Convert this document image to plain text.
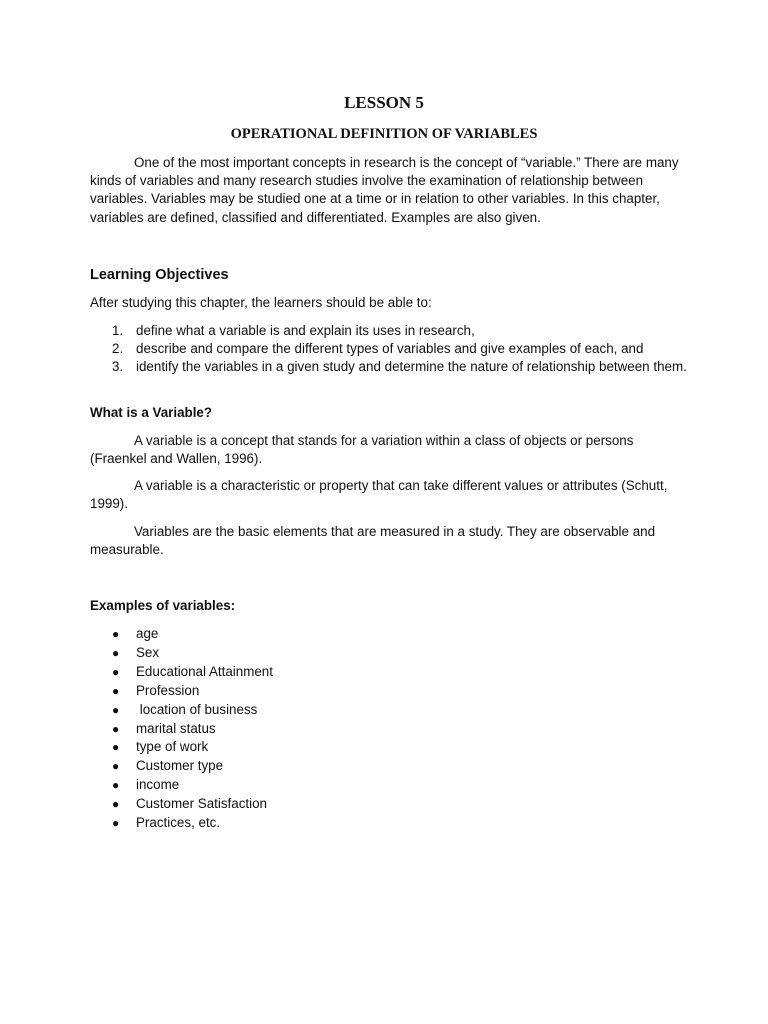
LESSON 5
OPERATIONAL DEFINITION OF VARIABLES

One of the most important concepts in research is the concept of “variable.” There are many kinds of variables and many research studies involve the examination of relationship between variables. Variables may be studied one at a time or in relation to other variables. In this chapter, variables are defined, classified and differentiated. Examples are also given.

Learning Objectives

After studying this chapter, the learners should be able to:

1. define what a variable is and explain its uses in research,
2. describe and compare the different types of variables and give examples of each, and
3. identify the variables in a given study and determine the nature of relationship between them.

What is a Variable?

A variable is a concept that stands for a variation within a class of objects or persons (Fraenkel and Wallen, 1996).

A variable is a characteristic or property that can take different values or attributes (Schutt, 1999).

Variables are the basic elements that are measured in a study. They are observable and measurable.

Examples of variables:

● age
● Sex
● Educational Attainment
● Profession
● location of business
● marital status
● type of work
● Customer type
● income
● Customer Satisfaction
● Practices, etc.
